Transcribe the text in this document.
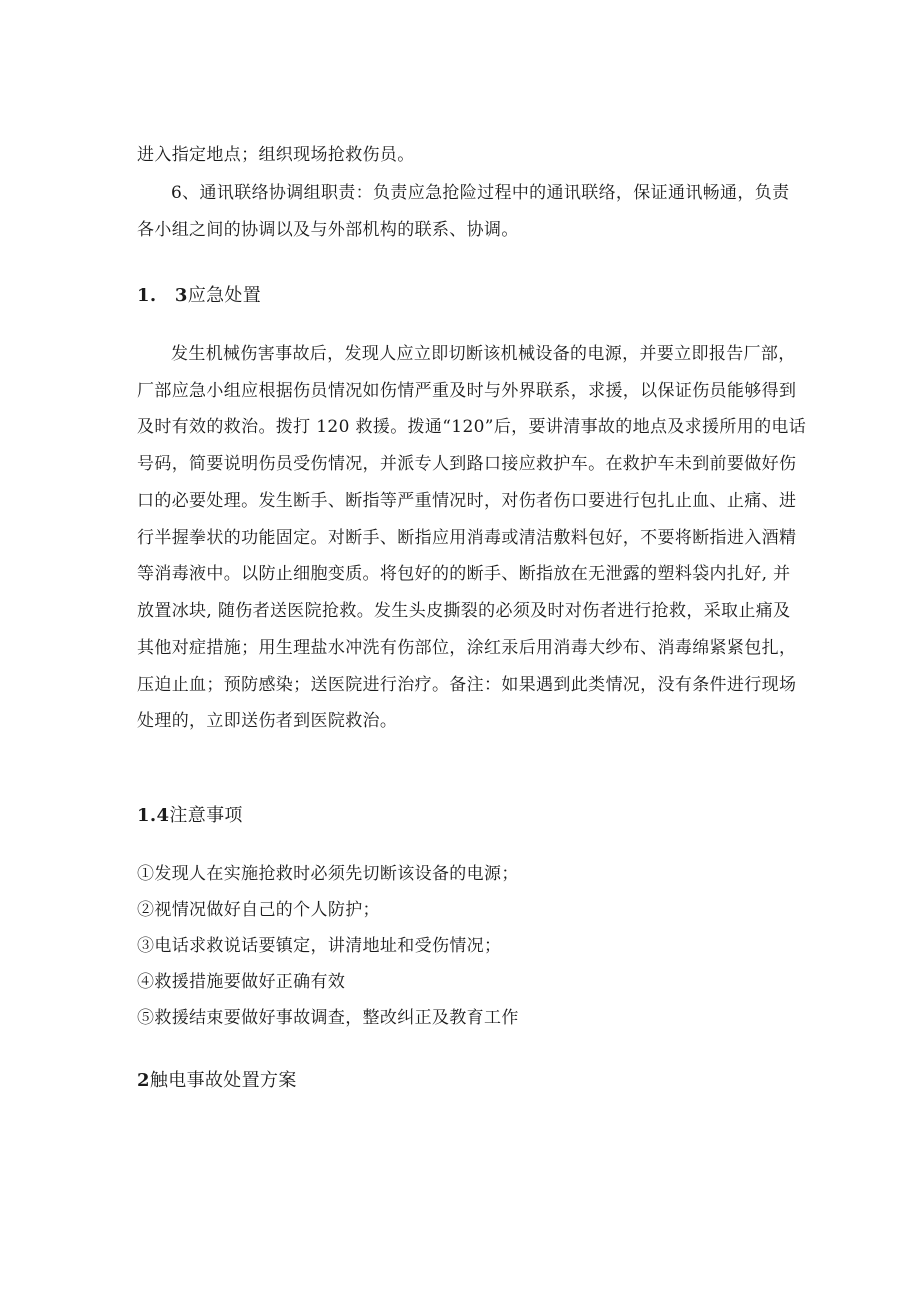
进入指定地点；组织现场抢救伤员。
6、通讯联络协调组职责：负责应急抢险过程中的通讯联络，保证通讯畅通，负责
各小组之间的协调以及与外部机构的联系、协调。
1.　3应急处置
发生机械伤害事故后，发现人应立即切断该机械设备的电源，并要立即报告厂部，
厂部应急小组应根据伤员情况如伤情严重及时与外界联系，求援，以保证伤员能够得到
及时有效的救治。拨打 120 救援。拨通“120”后，要讲清事故的地点及求援所用的电话
号码，简要说明伤员受伤情况，并派专人到路口接应救护车。在救护车未到前要做好伤
口的必要处理。发生断手、断指等严重情况时，对伤者伤口要进行包扎止血、止痛、进
行半握拳状的功能固定。对断手、断指应用消毒或清洁敷料包好，不要将断指进入酒精
等消毒液中。以防止细胞变质。将包好的的断手、断指放在无泄露的塑料袋内扎好, 并
放置冰块, 随伤者送医院抢救。发生头皮撕裂的必须及时对伤者进行抢救，采取止痛及
其他对症措施；用生理盐水冲洗有伤部位，涂红汞后用消毒大纱布、消毒绵紧紧包扎，
压迫止血；预防感染；送医院进行治疗。备注：如果遇到此类情况，没有条件进行现场
处理的，立即送伤者到医院救治。
1.4注意事项
①发现人在实施抢救时必须先切断该设备的电源；
②视情况做好自己的个人防护；
③电话求救说话要镇定，讲清地址和受伤情况；
④救援措施要做好正确有效
⑤救援结束要做好事故调查，整改纠正及教育工作
2触电事故处置方案
